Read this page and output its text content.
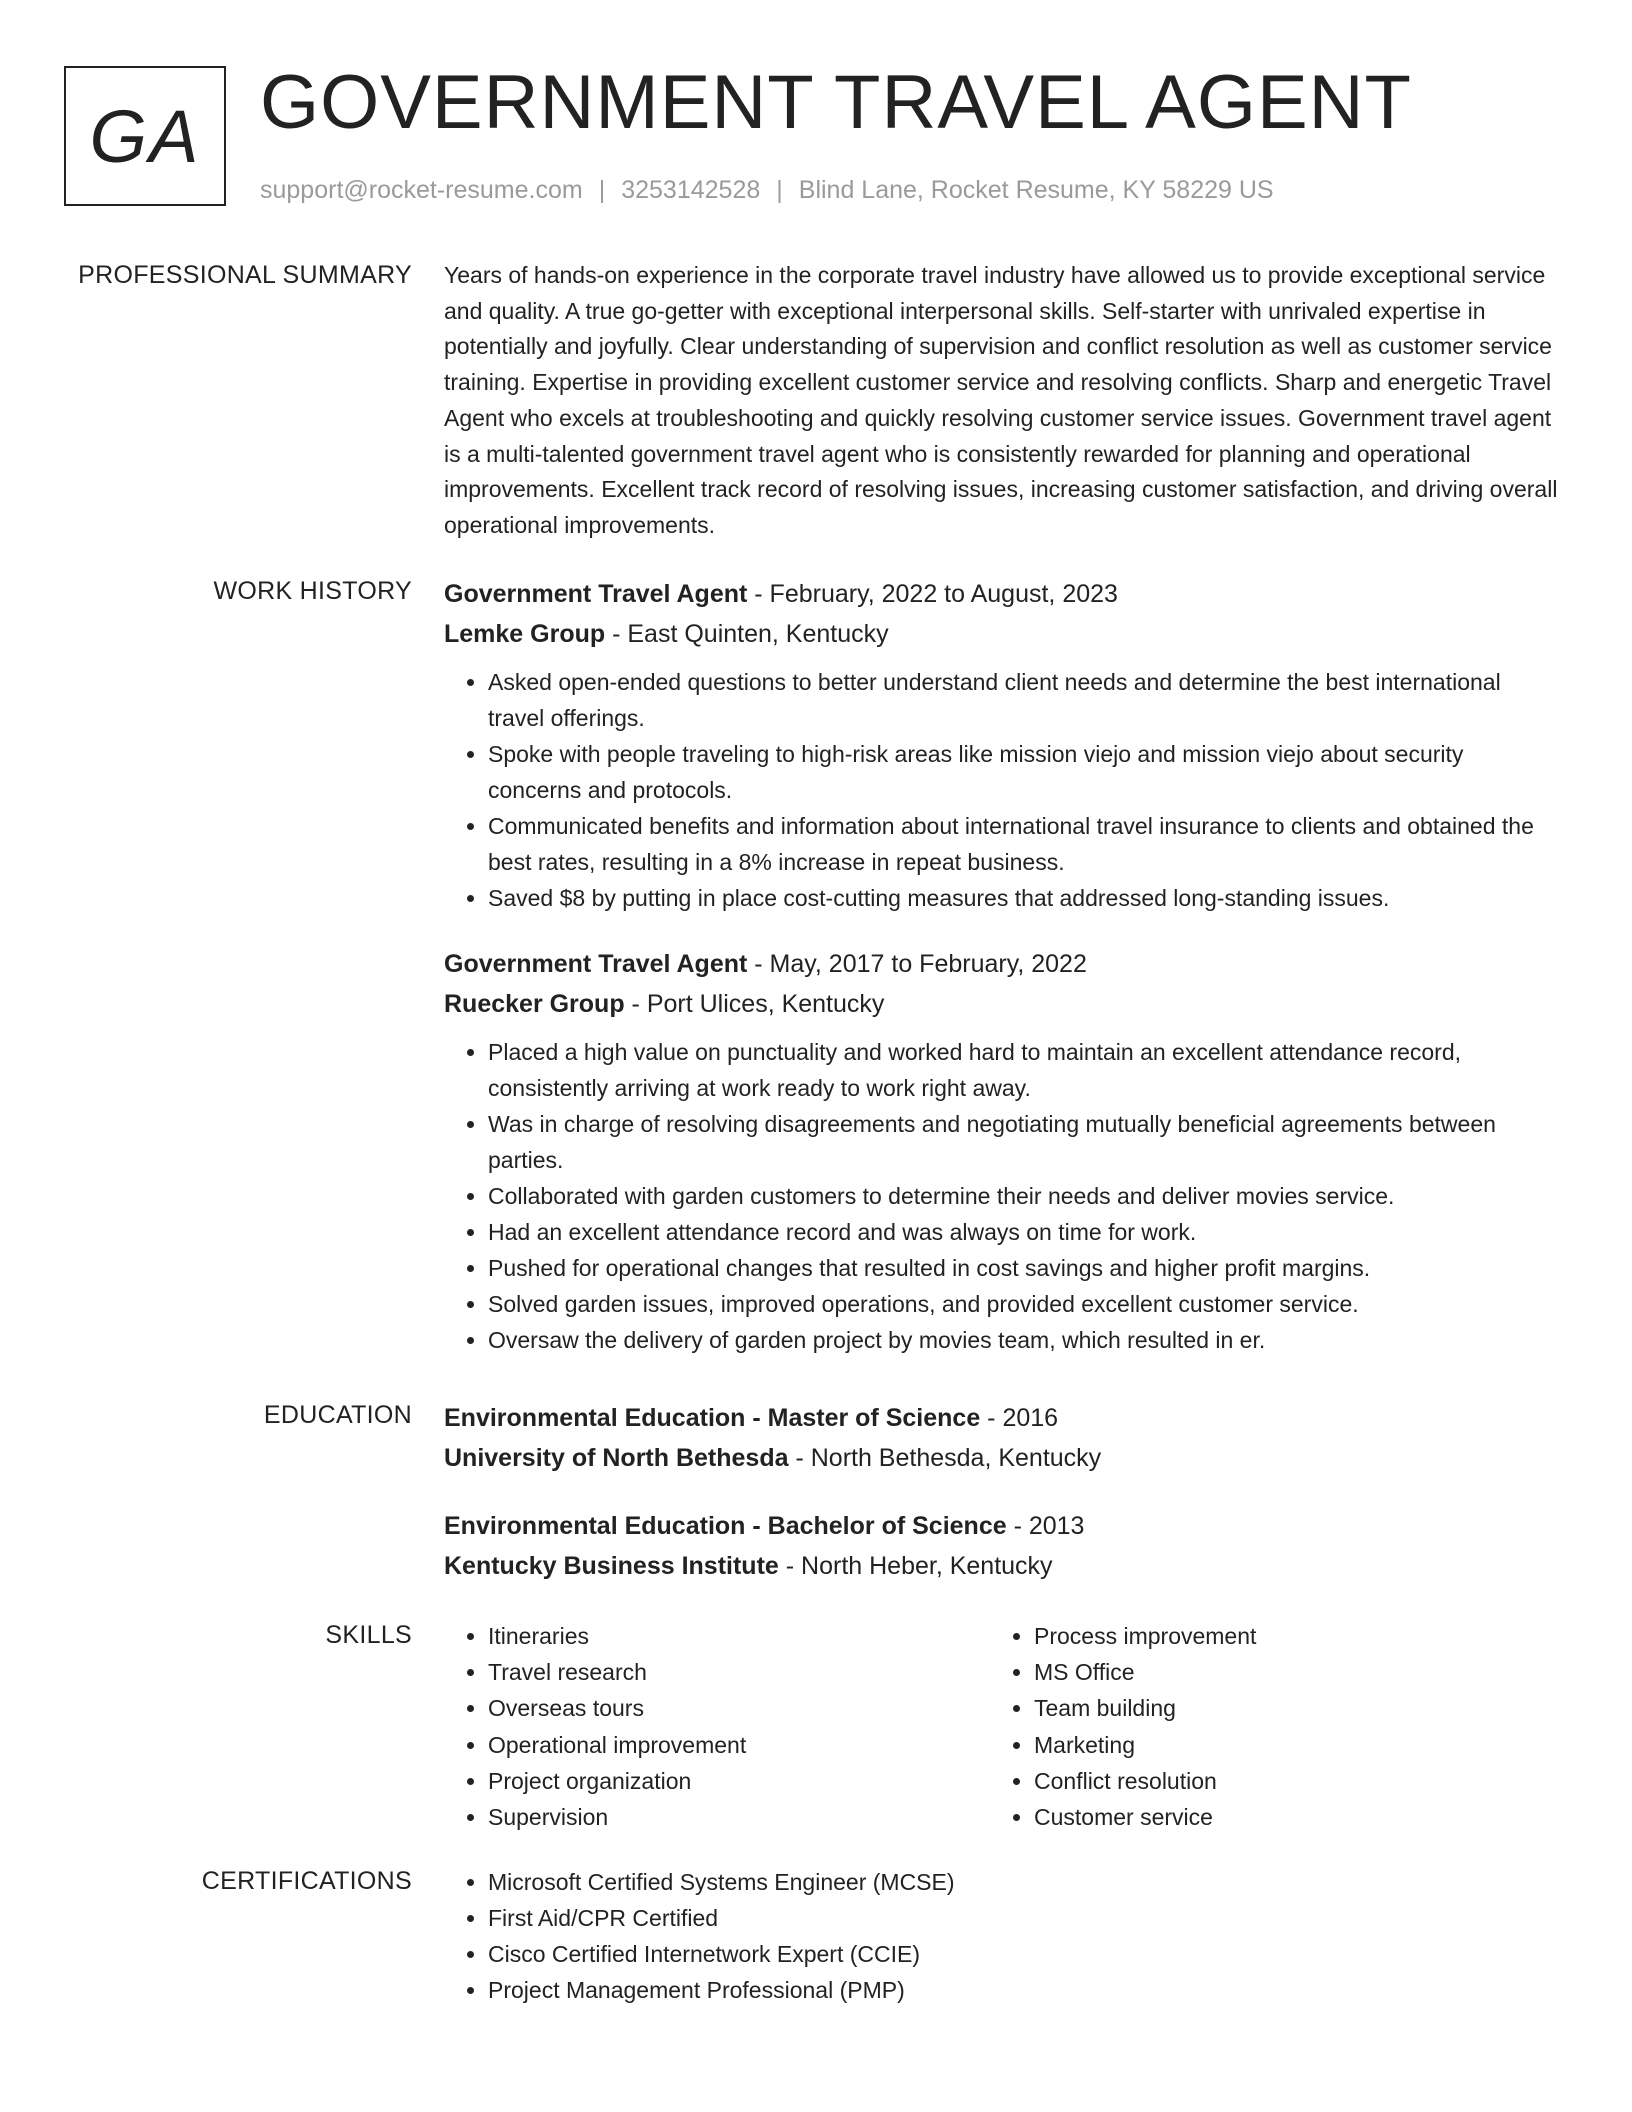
GA GOVERNMENT TRAVEL AGENT
support@rocket-resume.com | 3253142528 | Blind Lane, Rocket Resume, KY 58229 US
PROFESSIONAL SUMMARY Years of hands-on experience in the corporate travel industry have allowed us to provide exceptional service and quality. A true go-getter with exceptional interpersonal skills. Self-starter with unrivaled expertise in potentially and joyfully. Clear understanding of supervision and conflict resolution as well as customer service training. Expertise in providing excellent customer service and resolving conflicts. Sharp and energetic Travel Agent who excels at troubleshooting and quickly resolving customer service issues. Government travel agent is a multi-talented government travel agent who is consistently rewarded for planning and operational improvements. Excellent track record of resolving issues, increasing customer satisfaction, and driving overall operational improvements.
WORK HISTORY Government Travel Agent - February, 2022 to August, 2023
Lemke Group - East Quinten, Kentucky
• Asked open-ended questions to better understand client needs and determine the best international travel offerings.
• Spoke with people traveling to high-risk areas like mission viejo and mission viejo about security concerns and protocols.
• Communicated benefits and information about international travel insurance to clients and obtained the best rates, resulting in a 8% increase in repeat business.
• Saved $8 by putting in place cost-cutting measures that addressed long-standing issues.
Government Travel Agent - May, 2017 to February, 2022
Ruecker Group - Port Ulices, Kentucky
• Placed a high value on punctuality and worked hard to maintain an excellent attendance record, consistently arriving at work ready to work right away.
• Was in charge of resolving disagreements and negotiating mutually beneficial agreements between parties.
• Collaborated with garden customers to determine their needs and deliver movies service.
• Had an excellent attendance record and was always on time for work.
• Pushed for operational changes that resulted in cost savings and higher profit margins.
• Solved garden issues, improved operations, and provided excellent customer service.
• Oversaw the delivery of garden project by movies team, which resulted in er.
EDUCATION Environmental Education - Master of Science - 2016
University of North Bethesda - North Bethesda, Kentucky
Environmental Education - Bachelor of Science - 2013
Kentucky Business Institute - North Heber, Kentucky
SKILLS	• Itineraries
• Travel research
• Overseas tours
• Operational improvement
• Project organization
• Supervision
• Process improvement
• MS Office
• Team building
• Marketing
• Conflict resolution
• Customer service
CERTIFICATIONS	• Microsoft Certified Systems Engineer (MCSE)
• First Aid/CPR Certified
• Cisco Certified Internetwork Expert (CCIE)
• Project Management Professional (PMP)
